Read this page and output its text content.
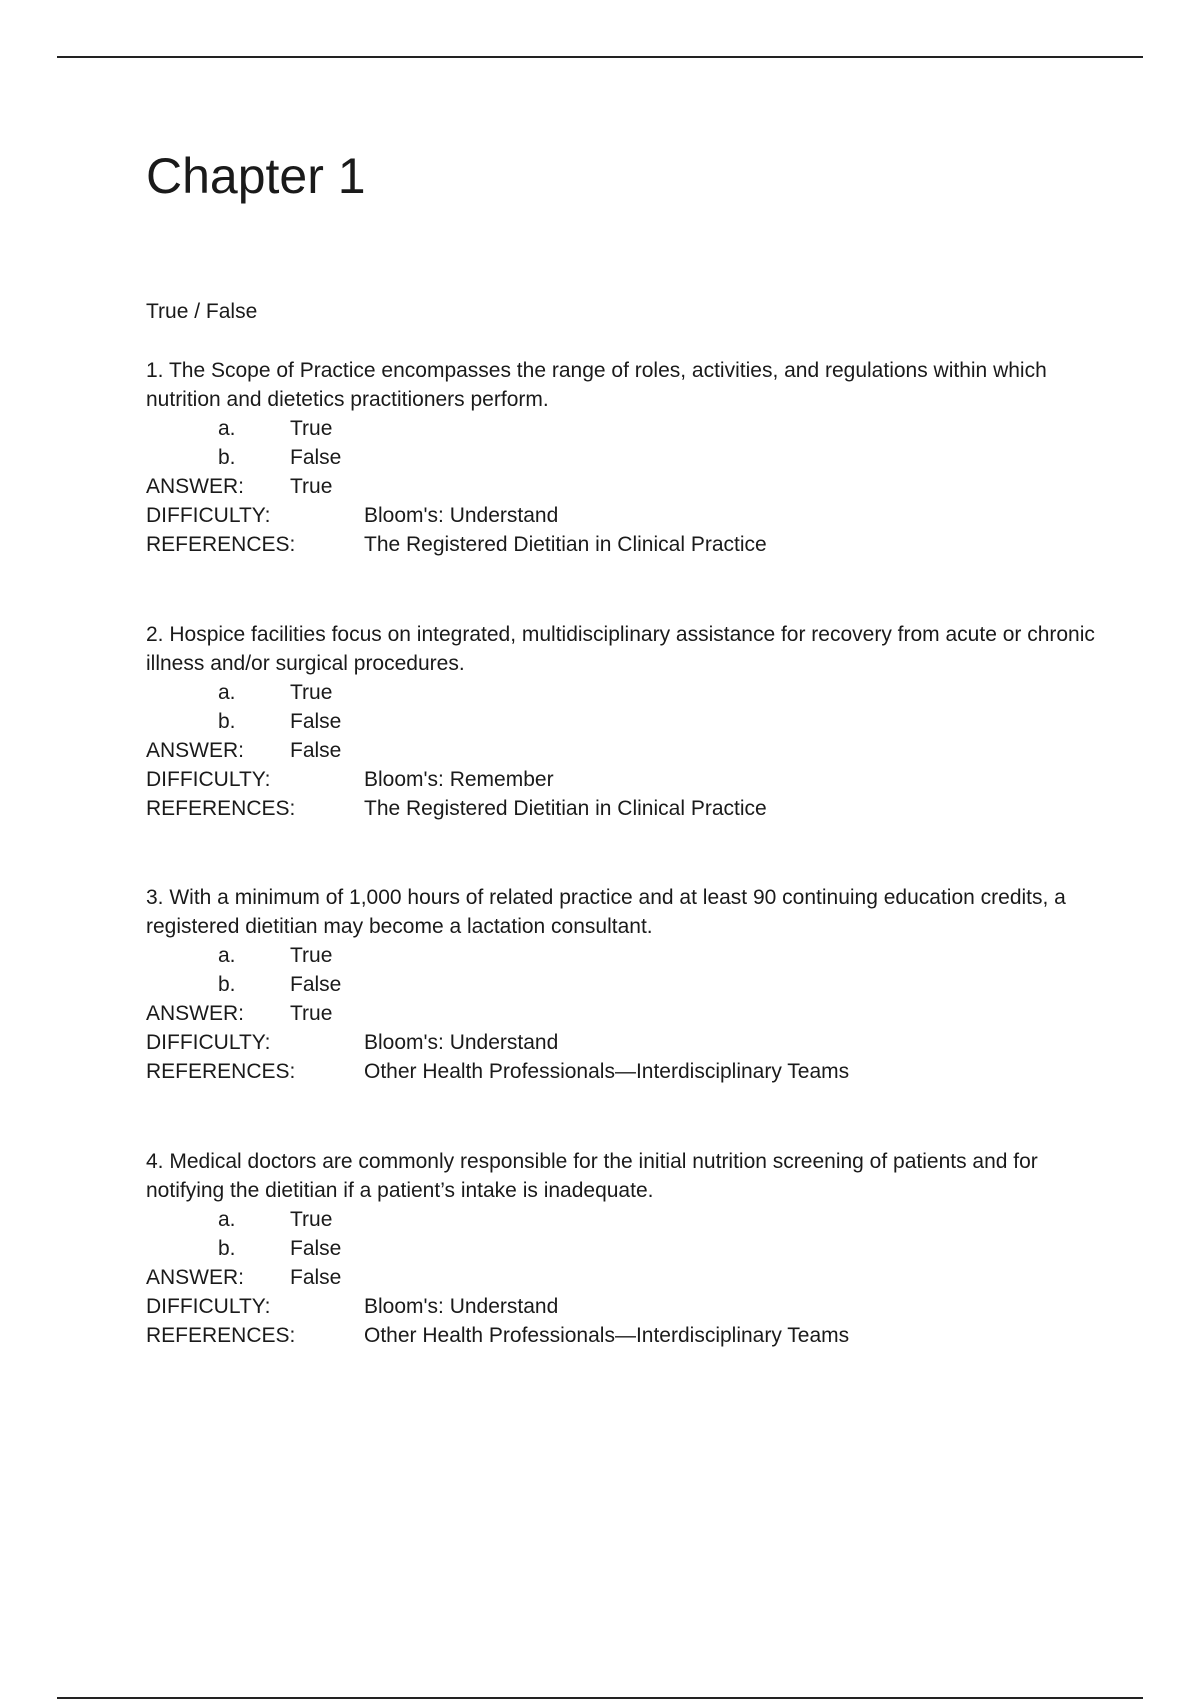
Chapter 1
True / False

1. The Scope of Practice encompasses the range of roles, activities, and regulations within which nutrition and dietetics practitioners perform.

a.	True
b.	False
ANSWER: True
DIFFICULTY:	Bloom's: Understand
REFERENCES:	The Registered Dietitian in Clinical Practice

2. Hospice facilities focus on integrated, multidisciplinary assistance for recovery from acute or chronic illness and/or surgical procedures.

a.	True
b.	False
ANSWER: False
DIFFICULTY:	Bloom's: Remember
REFERENCES:	The Registered Dietitian in Clinical Practice

3. With a minimum of 1,000 hours of related practice and at least 90 continuing education credits, a registered dietitian may become a lactation consultant.

a.	True
b.	False
ANSWER: True
DIFFICULTY:	Bloom's: Understand
REFERENCES:	Other Health Professionals—Interdisciplinary Teams

4. Medical doctors are commonly responsible for the initial nutrition screening of patients and for notifying the dietitian if a patient’s intake is inadequate.

a.	True
b.	False
ANSWER: False
DIFFICULTY:	Bloom's: Understand
REFERENCES:	Other Health Professionals—Interdisciplinary Teams
